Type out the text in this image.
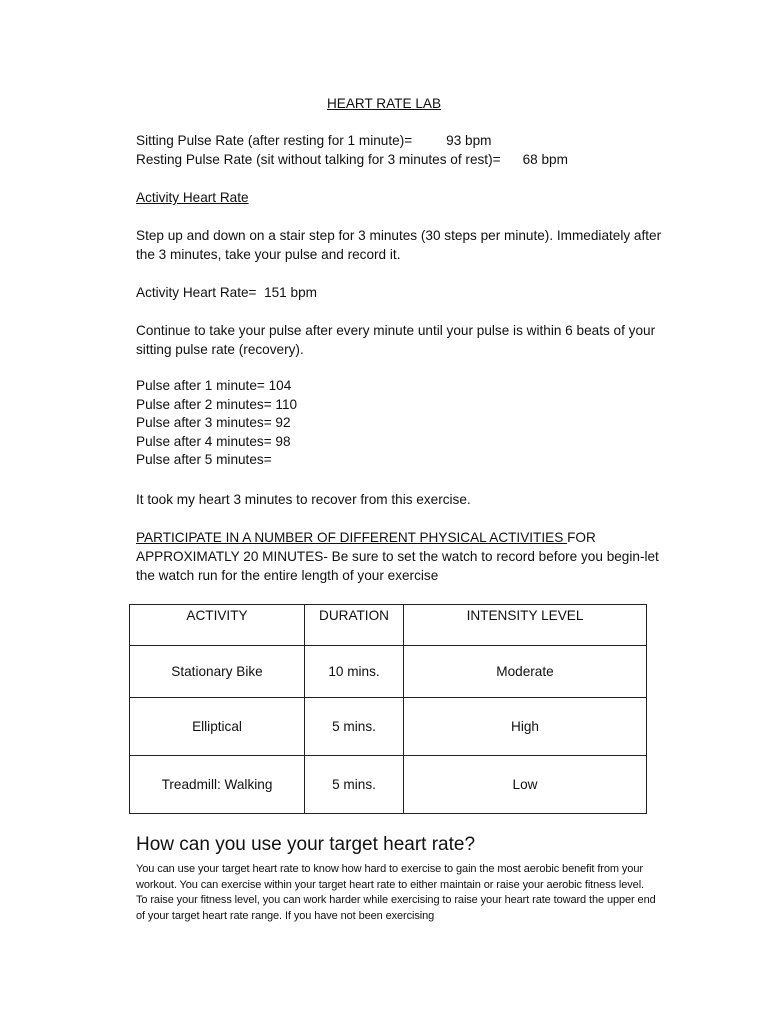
HEART RATE LAB
Sitting Pulse Rate (after resting for 1 minute)=	93 bpm
Resting Pulse Rate (sit without talking for 3 minutes of rest)= 68 bpm
Activity Heart Rate
Step up and down on a stair step for 3 minutes (30 steps per minute). Immediately after the 3 minutes, take your pulse and record it.
Activity Heart Rate= 151 bpm
Continue to take your pulse after every minute until your pulse is within 6 beats of your sitting pulse rate (recovery).
Pulse after 1 minute= 104
Pulse after 2 minutes= 110
Pulse after 3 minutes= 92
Pulse after 4 minutes= 98
Pulse after 5 minutes=
It took my heart 3 minutes to recover from this exercise.
PARTICIPATE IN A NUMBER OF DIFFERENT PHYSICAL ACTIVITIES FOR APPROXIMATLY 20 MINUTES- Be sure to set the watch to record before you begin-let the watch run for the entire length of your exercise
ACTIVITY	DURATION	INTENSITY LEVEL
Stationary Bike	10 mins.	Moderate
Elliptical	5 mins.	High
Treadmill: Walking	5 mins.	Low
How can you use your target heart rate?
You can use your target heart rate to know how hard to exercise to gain the most aerobic benefit from your workout. You can exercise within your target heart rate to either maintain or raise your aerobic fitness level. To raise your fitness level, you can work harder while exercising to raise your heart rate toward the upper end of your target heart rate range. If you have not been exercising
